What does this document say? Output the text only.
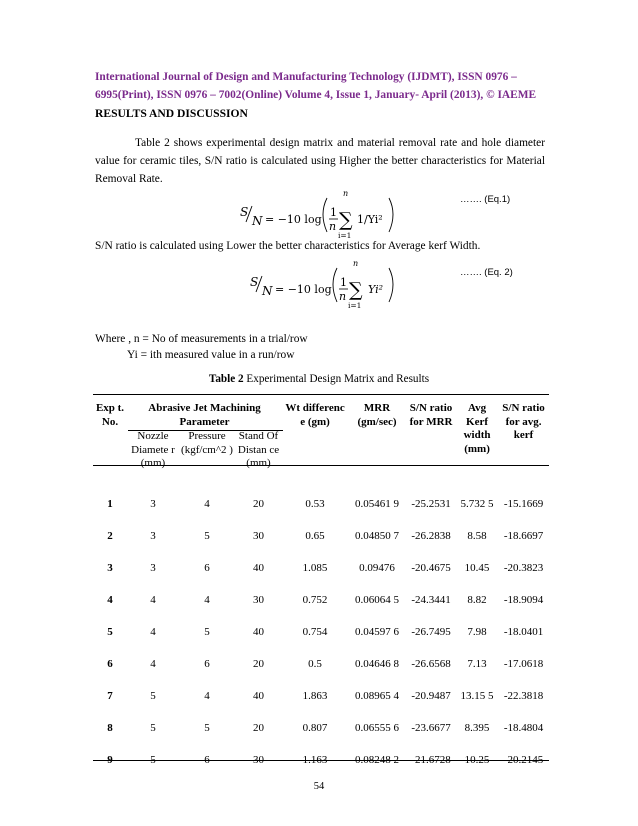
International Journal of Design and Manufacturing Technology (IJDMT), ISSN 0976 –
6995(Print), ISSN 0976 – 7002(Online) Volume 4, Issue 1, January- April (2013), © IAEME
RESULTS AND DISCUSSION
Table 2 shows experimental design matrix and material removal rate and hole diameter value for ceramic tiles, S/N ratio is calculated using Higher the better characteristics for Material Removal Rate.
S
N = −10 log
1
n
n
∑
i=1
1/Yi²
……. (Eq.1)
S/N ratio is calculated using Lower the better characteristics for Average kerf Width.
S
N = −10 log
1
n
n
∑
i=1
Yi²
……. (Eq. 2)
Where , n = No of measurements in a trial/row
Yi = ith measured value in a run/row
Table 2 Experimental Design Matrix and Results
Exp t. No.	Abrasive Jet Machining Parameter			Wt differenc e (gm)	MRR (gm/sec)	S/N ratio for MRR	Avg Kerf width (mm)	S/N ratio for avg. kerf
	Nozzle Diamete r (mm)	Pressure (kgf/cm^2 )	Stand Of Distan ce (mm)					
1	3	4	20	0.53	0.05461 9	-25.2531	5.732 5	-15.1669
2	3	5	30	0.65	0.04850 7	-26.2838	8.58	-18.6697
3	3	6	40	1.085	0.09476	-20.4675	10.45	-20.3823
4	4	4	30	0.752	0.06064 5	-24.3441	8.82	-18.9094
5	4	5	40	0.754	0.04597 6	-26.7495	7.98	-18.0401
6	4	6	20	0.5	0.04646 8	-26.6568	7.13	-17.0618
7	5	4	40	1.863	0.08965 4	-20.9487	13.15 5	-22.3818
8	5	5	20	0.807	0.06555 6	-23.6677	8.395	-18.4804
9	5	6	30	1.163	0.08248 2	-21.6728	10.25	-20.2145
54
